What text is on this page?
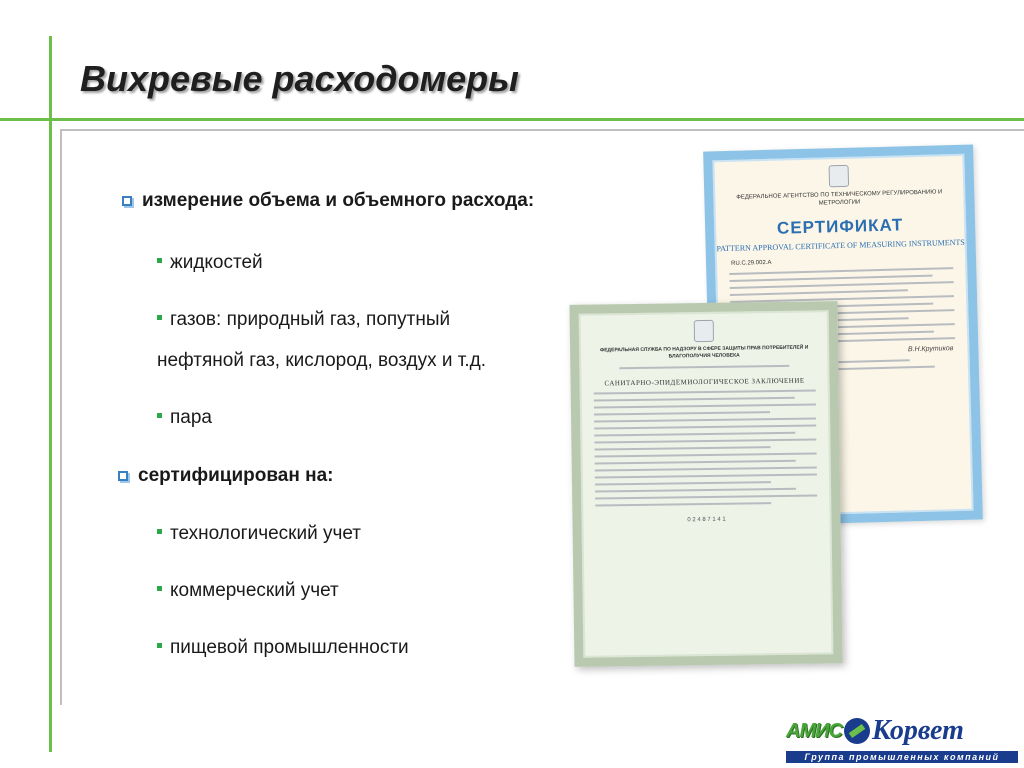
Вихревые расходомеры
измерение объема и объемного расхода:
жидкостей
газов: природный газ, попутный
нефтяной газ, кислород, воздух и т.д.
пара
сертифицирован на:
технологический учет
коммерческий учет
пищевой промышленности
ФЕДЕРАЛЬНОЕ АГЕНТСТВО ПО ТЕХНИЧЕСКОМУ РЕГУЛИРОВАНИЮ И МЕТРОЛОГИИ
СЕРТИФИКАТ
PATTERN APPROVAL CERTIFICATE OF MEASURING INSTRUMENTS
RU.C.29.002.A
В.Н.Крутиков
ФЕДЕРАЛЬНАЯ СЛУЖБА ПО НАДЗОРУ В СФЕРЕ ЗАЩИТЫ ПРАВ ПОТРЕБИТЕЛЕЙ И БЛАГОПОЛУЧИЯ ЧЕЛОВЕКА
САНИТАРНО-ЭПИДЕМИОЛОГИЧЕСКОЕ ЗАКЛЮЧЕНИЕ
0 2 4 8 7 1 4 1
АМИС Корвет
Группа промышленных компаний
